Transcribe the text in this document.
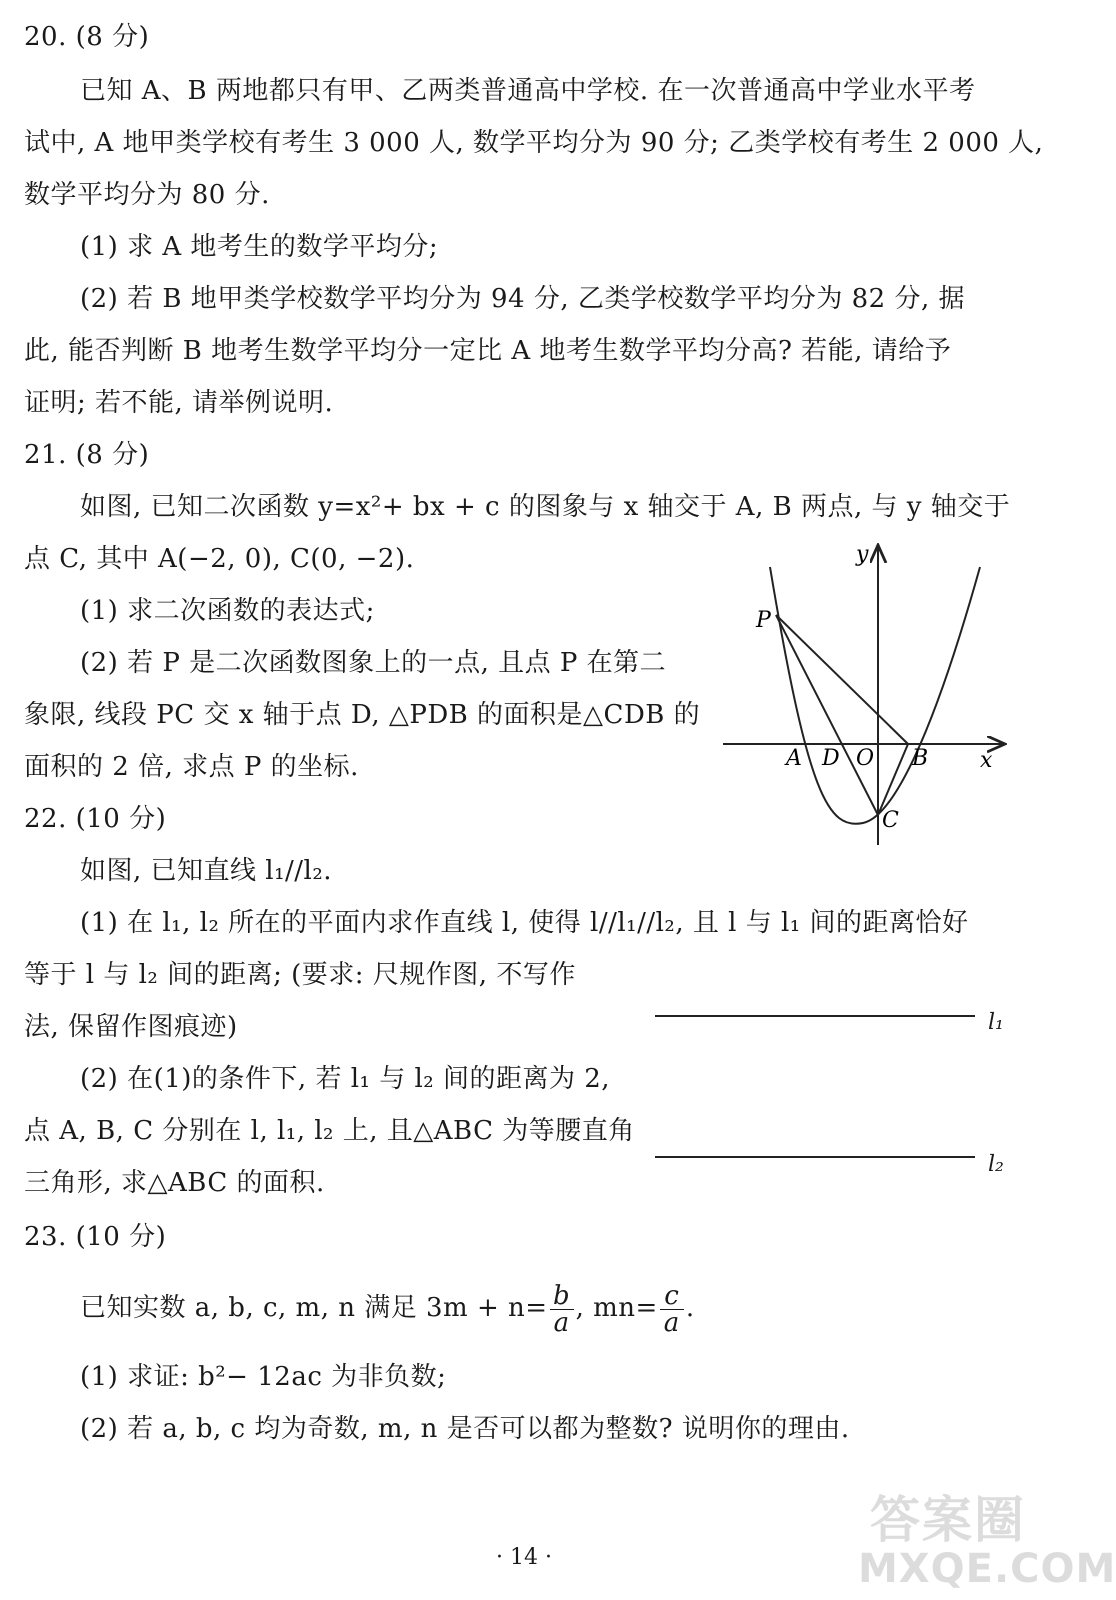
20. (8 分)
已知 A、B 两地都只有甲、乙两类普通高中学校. 在一次普通高中学业水平考
试中, A 地甲类学校有考生 3 000 人, 数学平均分为 90 分; 乙类学校有考生 2 000 人,
数学平均分为 80 分.
(1) 求 A 地考生的数学平均分;
(2) 若 B 地甲类学校数学平均分为 94 分, 乙类学校数学平均分为 82 分, 据
此, 能否判断 B 地考生数学平均分一定比 A 地考生数学平均分高? 若能, 请给予
证明; 若不能, 请举例说明.
21. (8 分)
如图, 已知二次函数 y=x²+ bx + c 的图象与 x 轴交于 A, B 两点, 与 y 轴交于
点 C, 其中 A(−2, 0), C(0, −2).
(1) 求二次函数的表达式;
(2) 若 P 是二次函数图象上的一点, 且点 P 在第二
象限, 线段 PC 交 x 轴于点 D, △PDB 的面积是△CDB 的
面积的 2 倍, 求点 P 的坐标.
y
x
P
A D O B
C
22. (10 分)
如图, 已知直线 l₁//l₂.
(1) 在 l₁, l₂ 所在的平面内求作直线 l, 使得 l//l₁//l₂, 且 l 与 l₁ 间的距离恰好
等于 l 与 l₂ 间的距离; (要求: 尺规作图, 不写作
法, 保留作图痕迹)
(2) 在(1)的条件下, 若 l₁ 与 l₂ 间的距离为 2,
点 A, B, C 分别在 l, l₁, l₂ 上, 且△ABC 为等腰直角
三角形, 求△ABC 的面积.
l₁
l₂
23. (10 分)
已知实数 a, b, c, m, n 满足 $3m + n= \frac{b}{a}$ , $mn= \frac{c}{a}$ .
(1) 求证: b²− 12ac 为非负数;
(2) 若 a, b, c 均为奇数, m, n 是否可以都为整数? 说明你的理由.
答案圈
MXQE.COM
· 14 ·
